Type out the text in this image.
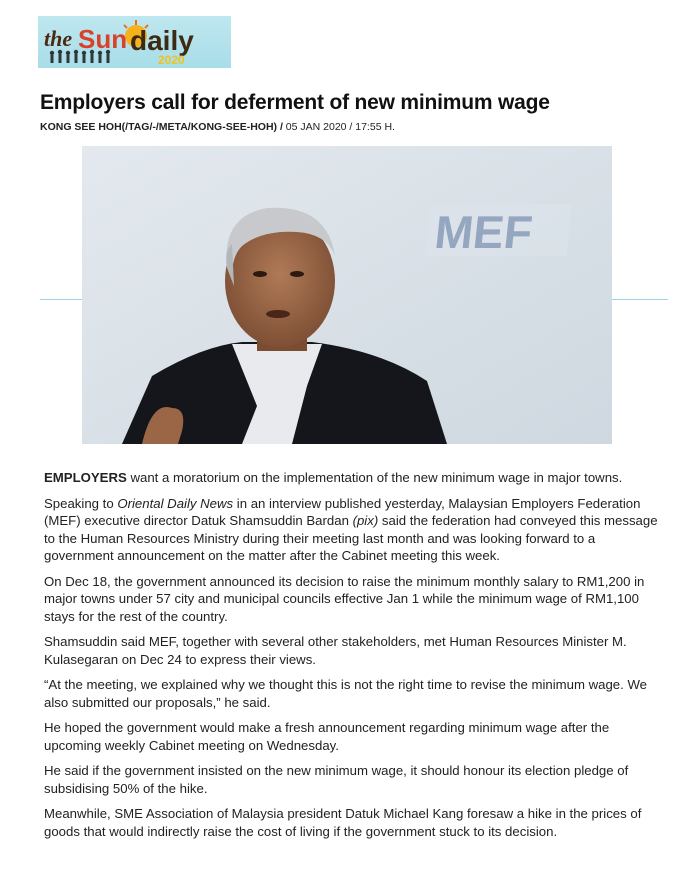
the Sun daily
2020
Employers call for deferment of new minimum wage
KONG SEE HOH(/TAG/-/META/KONG-SEE-HOH) / 05 JAN 2020 / 17:55 H.
MEF

EMPLOYERS want a moratorium on the implementation of the new minimum wage in major towns.

Speaking to Oriental Daily News in an interview published yesterday, Malaysian Employers Federation (MEF) executive director Datuk Shamsuddin Bardan (pix) said the federation had conveyed this message to the Human Resources Ministry during their meeting last month and was looking forward to a government announcement on the matter after the Cabinet meeting this week.

On Dec 18, the government announced its decision to raise the minimum monthly salary to RM1,200 in major towns under 57 city and municipal councils effective Jan 1 while the minimum wage of RM1,100 stays for the rest of the country.

Shamsuddin said MEF, together with several other stakeholders, met Human Resources Minister M. Kulasegaran on Dec 24 to express their views.

“At the meeting, we explained why we thought this is not the right time to revise the minimum wage. We also submitted our proposals,” he said.

He hoped the government would make a fresh announcement regarding minimum wage after the upcoming weekly Cabinet meeting on Wednesday.

He said if the government insisted on the new minimum wage, it should honour its election pledge of subsidising 50% of the hike.

Meanwhile, SME Association of Malaysia president Datuk Michael Kang foresaw a hike in the prices of goods that would indirectly raise the cost of living if the government stuck to its decision.
